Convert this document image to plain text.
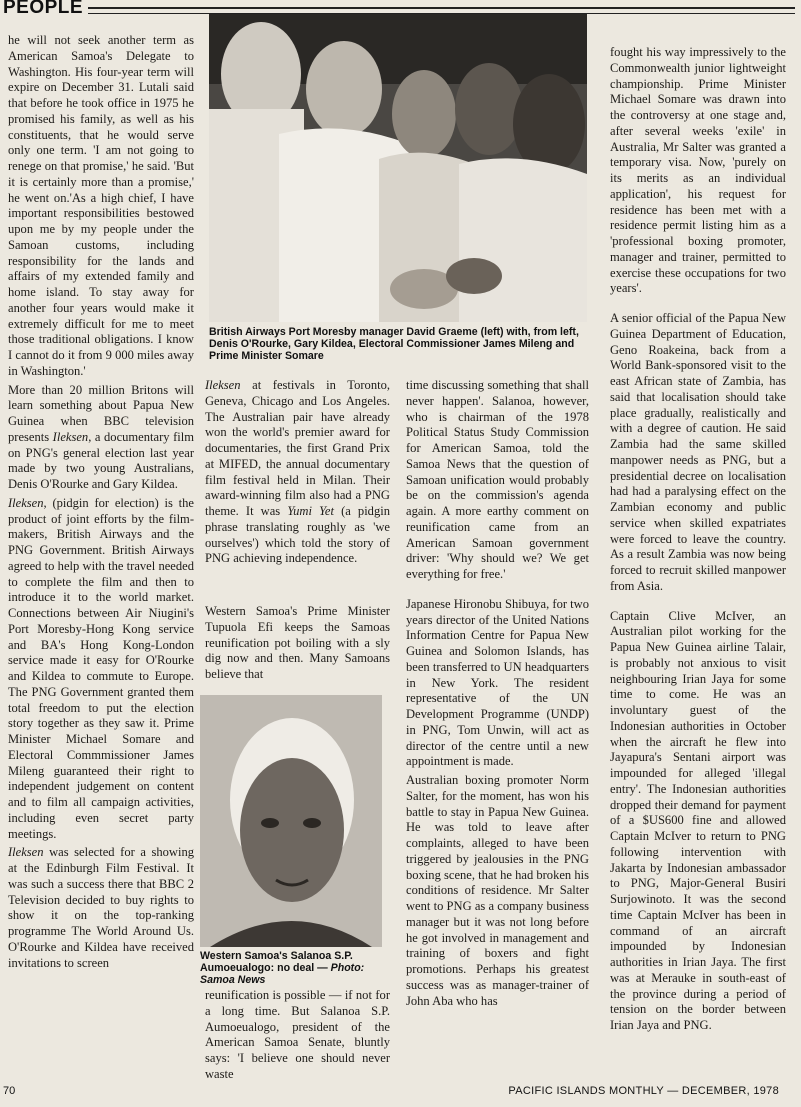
PEOPLE

he will not seek another term as American Samoa's Delegate to Washington. His four-year term will expire on December 31. Lutali said that before he took office in 1975 he promised his family, as well as his constituents, that he would serve only one term. 'I am not going to renege on that promise,' he said. 'But it is certainly more than a promise,' he went on.'As a high chief, I have important responsibilities bestowed upon me by my people under the Samoan customs, including responsibility for the lands and affairs of my extended family and home island. To stay away for another four years would make it extremely difficult for me to meet those traditional obligations. I know I cannot do it from 9 000 miles away in Washington.'

More than 20 million Britons will learn something about Papua New Guinea when BBC television presents Ileksen, a documentary film on PNG's general election last year made by two young Australians, Denis O'Rourke and Gary Kildea.

Ileksen, (pidgin for election) is the product of joint efforts by the film-makers, British Airways and the PNG Government. British Airways agreed to help with the travel needed to complete the film and then to introduce it to the world market. Connections between Air Niugini's Port Moresby-Hong Kong service and BA's Hong Kong-London service made it easy for O'Rourke and Kildea to commute to Europe. The PNG Government granted them total freedom to put the election story together as they saw it. Prime Minister Michael Somare and Electoral Commmissioner James Mileng guaranteed their right to independent judgement on content and to film all campaign activities, including even secret party meetings.

Ileksen was selected for a showing at the Edinburgh Film Festival. It was such a success there that BBC 2 Television decided to buy rights to show it on the top-ranking programme The World Around Us. O'Rourke and Kildea have received invitations to screen

British Airways Port Moresby manager David Graeme (left) with, from left, Denis O'Rourke, Gary Kildea, Electoral Commissioner James Mileng and Prime Minister Somare

Ileksen at festivals in Toronto, Geneva, Chicago and Los Angeles. The Australian pair have already won the world's premier award for documentaries, the first Grand Prix at MIFED, the annual documentary film festival held in Milan. Their award-winning film also had a PNG theme. It was Yumi Yet (a pidgin phrase translating roughly as 'we ourselves') which told the story of PNG achieving independence.

Western Samoa's Prime Minister Tupuola Efi keeps the Samoas reunification pot boiling with a sly dig now and then. Many Samoans believe that

Western Samoa's Salanoa S.P. Aumoeualogo: no deal — Photo: Samoa News

reunification is possible — if not for a long time. But Salanoa S.P. Aumoeualogo, president of the American Samoa Senate, bluntly says: 'I believe one should never waste

time discussing something that shall never happen'. Salanoa, however, who is chairman of the 1978 Political Status Study Commission for American Samoa, told the Samoa News that the question of Samoan unification would probably be on the commission's agenda again. A more earthy comment on reunification came from an American Samoan government driver: 'Why should we? We get everything for free.'

Japanese Hironobu Shibuya, for two years director of the United Nations Information Centre for Papua New Guinea and Solomon Islands, has been transferred to UN headquarters in New York. The resident representative of the UN Development Programme (UNDP) in PNG, Tom Unwin, will act as director of the centre until a new appointment is made.

Australian boxing promoter Norm Salter, for the moment, has won his battle to stay in Papua New Guinea. He was told to leave after complaints, alleged to have been triggered by jealousies in the PNG boxing scene, that he had broken his conditions of residence. Mr Salter went to PNG as a company business manager but it was not long before he got involved in management and training of boxers and fight promotions. Perhaps his greatest success was as manager-trainer of John Aba who has

fought his way impressively to the Commonwealth junior lightweight championship. Prime Minister Michael Somare was drawn into the controversy at one stage and, after several weeks 'exile' in Australia, Mr Salter was granted a temporary visa. Now, 'purely on its merits as an individual application', his request for residence has been met with a residence permit listing him as a 'professional boxing promoter, manager and trainer, permitted to exercise these occupations for two years'.

A senior official of the Papua New Guinea Department of Education, Geno Roakeina, back from a World Bank-sponsored visit to the east African state of Zambia, has said that localisation should take place gradually, realistically and with a degree of caution. He said Zambia had the same skilled manpower needs as PNG, but a presidential decree on localisation had had a paralysing effect on the Zambian economy and public service when skilled expatriates were forced to leave the country. As a result Zambia was now being forced to recruit skilled manpower from Asia.

Captain Clive McIver, an Australian pilot working for the Papua New Guinea airline Talair, is probably not anxious to visit neighbouring Irian Jaya for some time to come. He was an involuntary guest of the Indonesian authorities in October when the aircraft he flew into Jayapura's Sentani airport was impounded for alleged 'illegal entry'. The Indonesian authorities dropped their demand for payment of a $US600 fine and allowed Captain McIver to return to PNG following intervention with Jakarta by Indonesian ambassador to PNG, Major-General Busiri Surjowinoto. It was the second time Captain McIver has been in command of an aircraft impounded by Indonesian authorities in Irian Jaya. The first was at Merauke in south-east of the province during a period of tension on the border between Irian Jaya and PNG.

70	PACIFIC ISLANDS MONTHLY — DECEMBER, 1978
